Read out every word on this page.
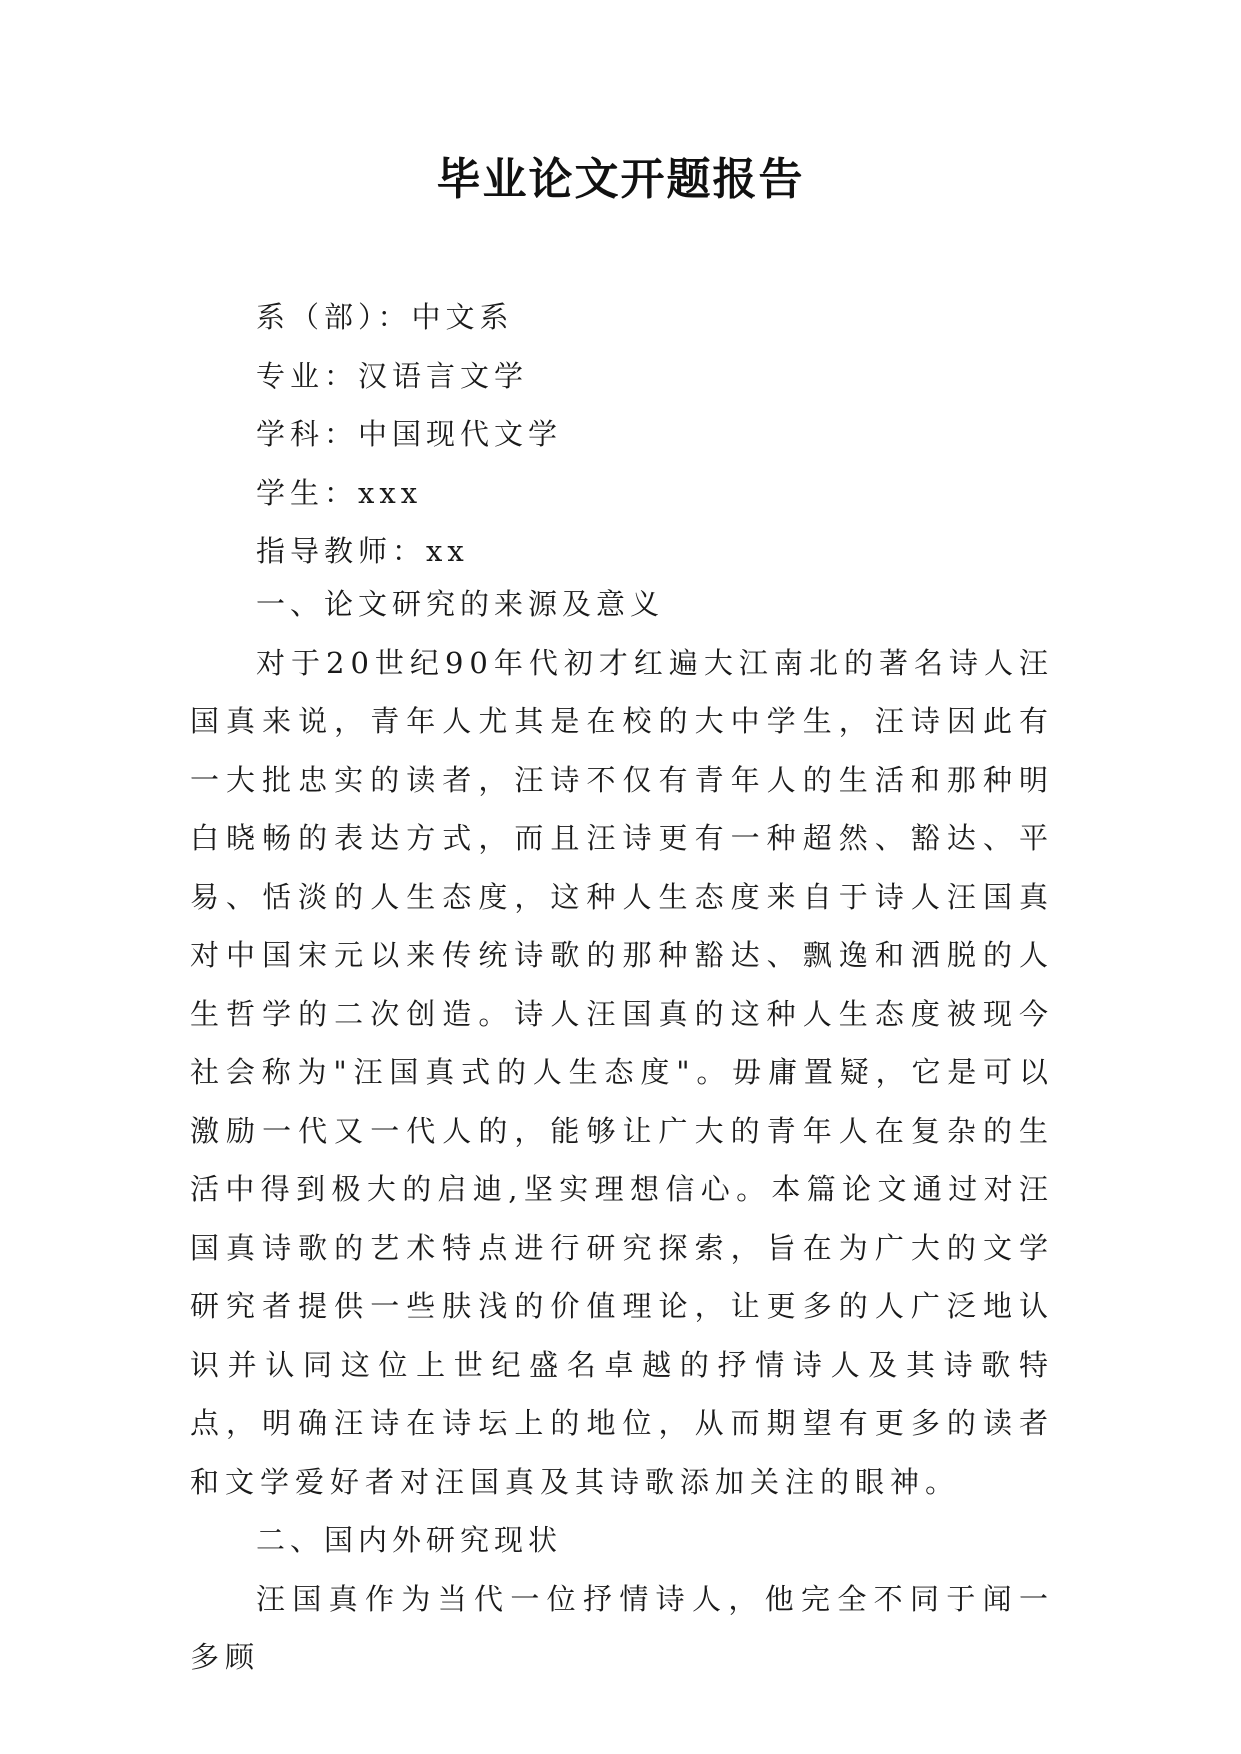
毕业论文开题报告
系（部）：中文系
专业：汉语言文学
学科：中国现代文学
学生：xxx
指导教师：xx
一、论文研究的来源及意义

对于20世纪90年代初才红遍大江南北的著名诗人汪国真来说，青年人尤其是在校的大中学生，汪诗因此有一大批忠实的读者，汪诗不仅有青年人的生活和那种明白晓畅的表达方式，而且汪诗更有一种超然、豁达、平易、恬淡的人生态度，这种人生态度来自于诗人汪国真对中国宋元以来传统诗歌的那种豁达、飘逸和洒脱的人生哲学的二次创造。诗人汪国真的这种人生态度被现今社会称为"汪国真式的人生态度"。毋庸置疑，它是可以激励一代又一代人的，能够让广大的青年人在复杂的生活中得到极大的启迪,坚实理想信心。本篇论文通过对汪国真诗歌的艺术特点进行研究探索，旨在为广大的文学研究者提供一些肤浅的价值理论，让更多的人广泛地认识并认同这位上世纪盛名卓越的抒情诗人及其诗歌特点，明确汪诗在诗坛上的地位，从而期望有更多的读者和文学爱好者对汪国真及其诗歌添加关注的眼神。

二、国内外研究现状

汪国真作为当代一位抒情诗人，他完全不同于闻一多顾
